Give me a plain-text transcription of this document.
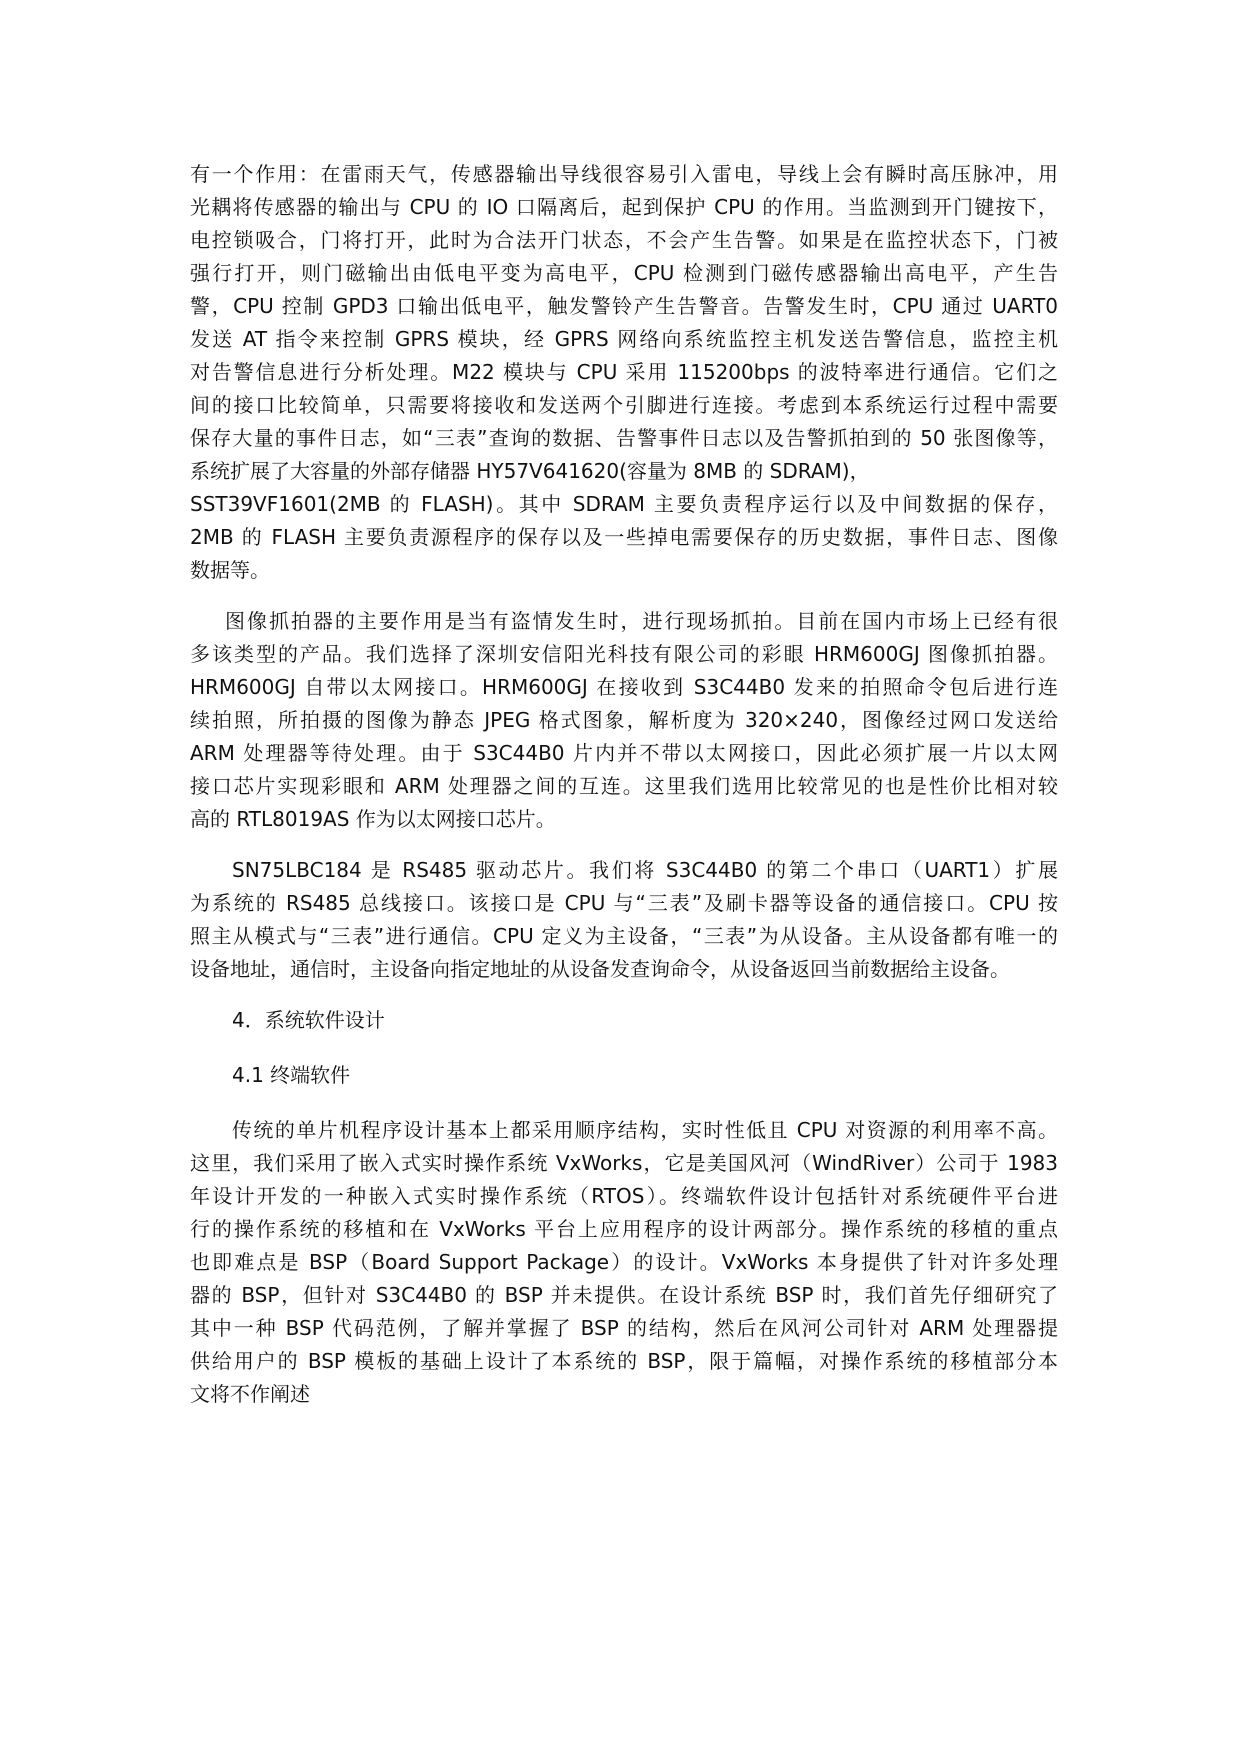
有一个作用：在雷雨天气，传感器输出导线很容易引入雷电，导线上会有瞬时高压脉冲，用
光耦将传感器的输出与 CPU 的 IO 口隔离后，起到保护 CPU 的作用。当监测到开门键按下，
电控锁吸合，门将打开，此时为合法开门状态，不会产生告警。如果是在监控状态下，门被
强行打开，则门磁输出由低电平变为高电平，CPU 检测到门磁传感器输出高电平，产生告
警，CPU 控制 GPD3 口输出低电平，触发警铃产生告警音。告警发生时，CPU 通过 UART0
发送 AT 指令来控制 GPRS 模块，经 GPRS 网络向系统监控主机发送告警信息，监控主机
对告警信息进行分析处理。M22 模块与 CPU 采用 115200bps 的波特率进行通信。它们之
间的接口比较简单，只需要将接收和发送两个引脚进行连接。考虑到本系统运行过程中需要
保存大量的事件日志，如“三表”查询的数据、告警事件日志以及告警抓拍到的 50 张图像等，
系统扩展了大容量的外部存储器 HY57V641620(容量为 8MB 的 SDRAM)，
SST39VF1601(2MB 的 FLASH)。其中 SDRAM 主要负责程序运行以及中间数据的保存，
2MB 的 FLASH 主要负责源程序的保存以及一些掉电需要保存的历史数据，事件日志、图像
数据等。
图像抓拍器的主要作用是当有盗情发生时，进行现场抓拍。目前在国内市场上已经有很
多该类型的产品。我们选择了深圳安信阳光科技有限公司的彩眼 HRM600GJ 图像抓拍器。
HRM600GJ 自带以太网接口。HRM600GJ 在接收到 S3C44B0 发来的拍照命令包后进行连
续拍照，所拍摄的图像为静态 JPEG 格式图象，解析度为 320×240，图像经过网口发送给
ARM 处理器等待处理。由于 S3C44B0 片内并不带以太网接口，因此必须扩展一片以太网
接口芯片实现彩眼和 ARM 处理器之间的互连。这里我们选用比较常见的也是性价比相对较
高的 RTL8019AS 作为以太网接口芯片。
SN75LBC184 是 RS485 驱动芯片。我们将 S3C44B0 的第二个串口（UART1）扩展
为系统的 RS485 总线接口。该接口是 CPU 与“三表”及刷卡器等设备的通信接口。CPU 按
照主从模式与“三表”进行通信。CPU 定义为主设备，“三表”为从设备。主从设备都有唯一的
设备地址，通信时，主设备向指定地址的从设备发查询命令，从设备返回当前数据给主设备。
4．系统软件设计
4.1 终端软件
传统的单片机程序设计基本上都采用顺序结构，实时性低且 CPU 对资源的利用率不高。
这里，我们采用了嵌入式实时操作系统 VxWorks，它是美国风河（WindRiver）公司于 1983
年设计开发的一种嵌入式实时操作系统（RTOS）。终端软件设计包括针对系统硬件平台进
行的操作系统的移植和在 VxWorks 平台上应用程序的设计两部分。操作系统的移植的重点
也即难点是 BSP（Board Support Package）的设计。VxWorks 本身提供了针对许多处理
器的 BSP，但针对 S3C44B0 的 BSP 并未提供。在设计系统 BSP 时，我们首先仔细研究了
其中一种 BSP 代码范例，了解并掌握了 BSP 的结构，然后在风河公司针对 ARM 处理器提
供给用户的 BSP 模板的基础上设计了本系统的 BSP，限于篇幅，对操作系统的移植部分本
文将不作阐述
